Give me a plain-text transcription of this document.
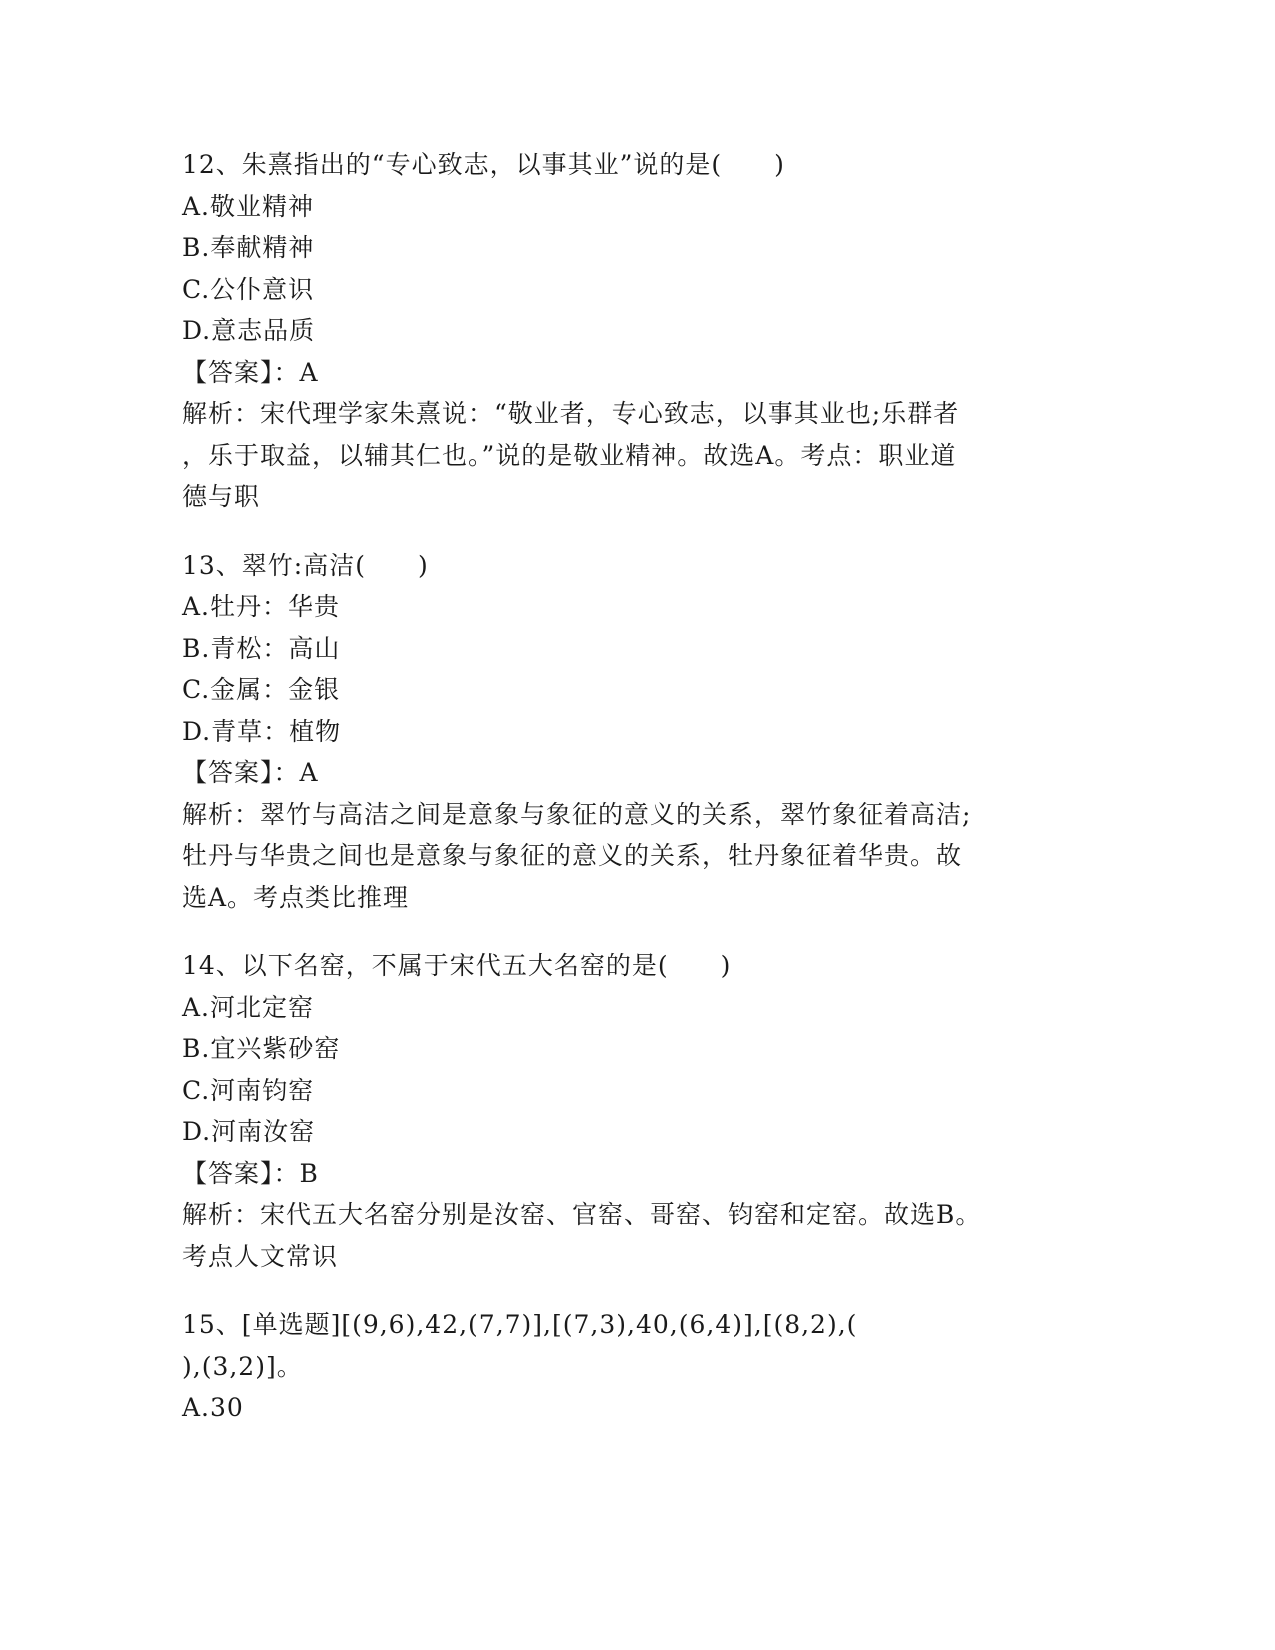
12、朱熹指出的“专心致志，以事其业”说的是(　　)
A.敬业精神
B.奉献精神
C.公仆意识
D.意志品质
【答案】：A
解析：宋代理学家朱熹说：“敬业者，专心致志，以事其业也;乐群者
，乐于取益，以辅其仁也。”说的是敬业精神。故选A。考点：职业道
德与职
13、翠竹:高洁(　　)
A.牡丹：华贵
B.青松：高山
C.金属：金银
D.青草：植物
【答案】：A
解析：翠竹与高洁之间是意象与象征的意义的关系，翠竹象征着高洁;
牡丹与华贵之间也是意象与象征的意义的关系，牡丹象征着华贵。故
选A。考点类比推理
14、以下名窑，不属于宋代五大名窑的是(　　)
A.河北定窑
B.宜兴紫砂窑
C.河南钧窑
D.河南汝窑
【答案】：B
解析：宋代五大名窑分别是汝窑、官窑、哥窑、钧窑和定窑。故选B。
考点人文常识
15、[单选题][(9,6),42,(7,7)],[(7,3),40,(6,4)],[(8,2),(
),(3,2)]。
A.30
